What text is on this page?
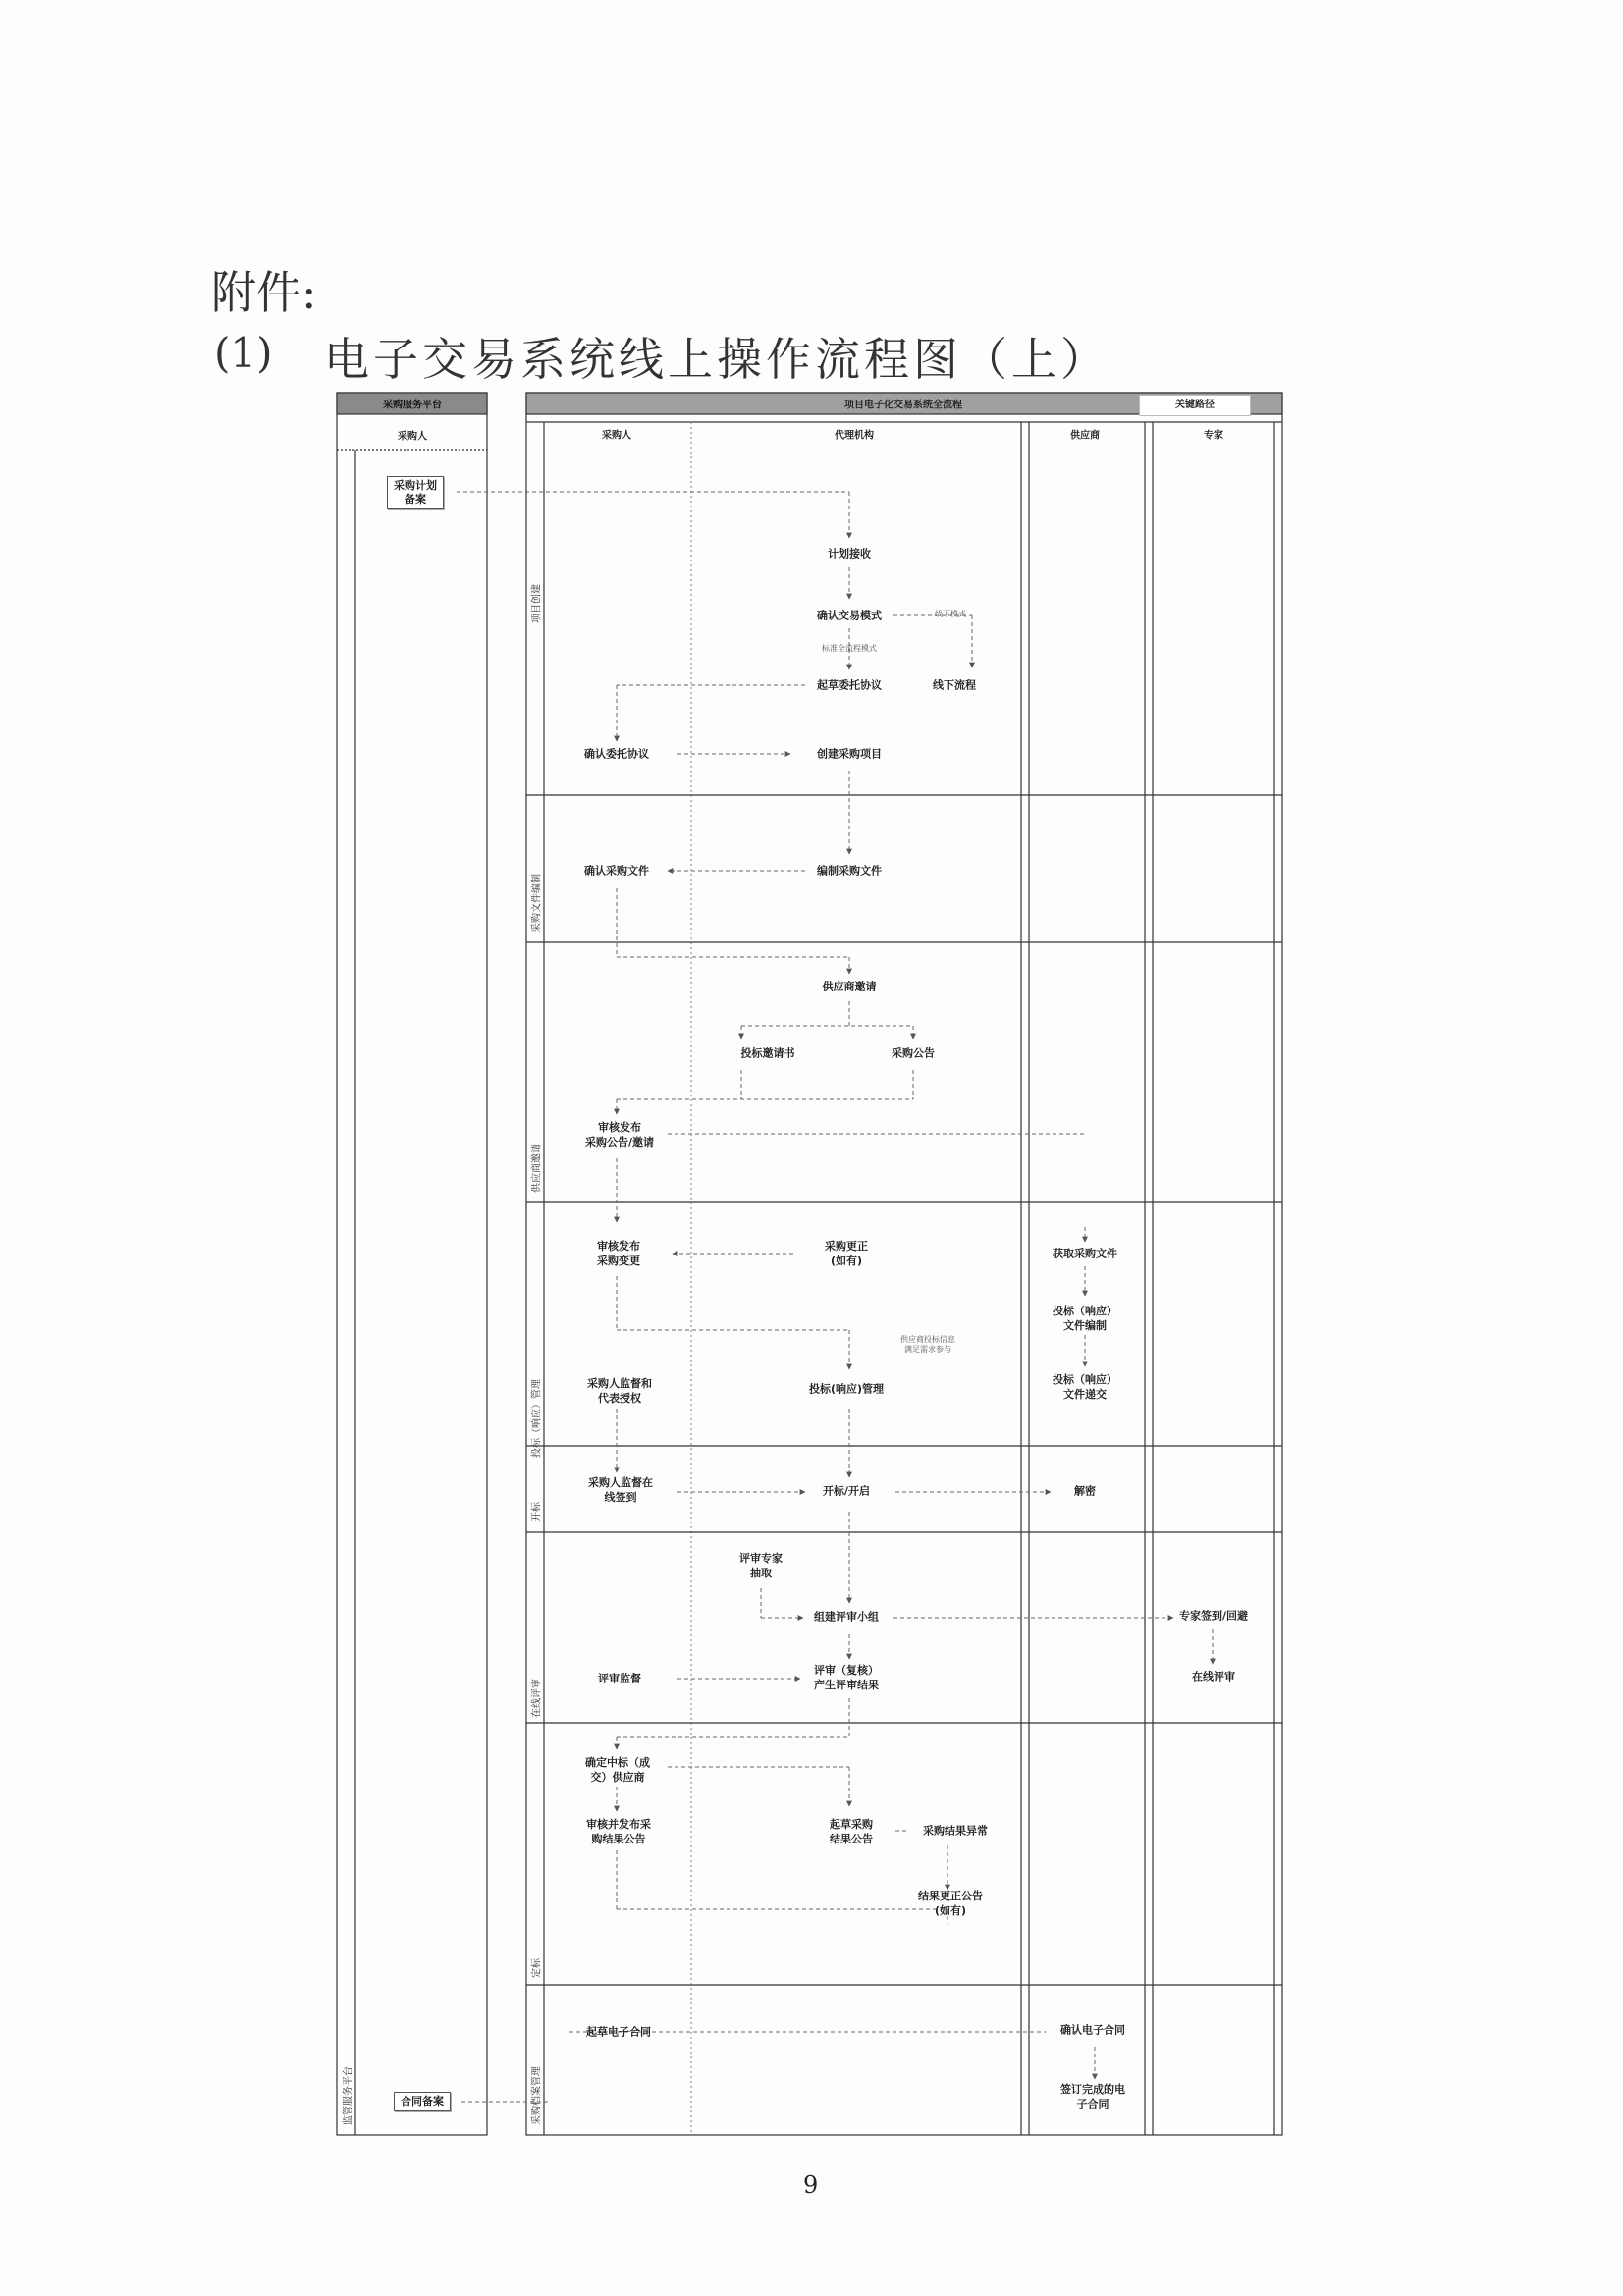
附件:
(1) 电子交易系统线上操作流程图（上）
采购服务平台
采购人
采购计划
备案
合同备案
监管服务平台
项目电子化交易系统全流程	关键路径
采购人	代理机构	供应商	专家
项目创建
采购文件编制
供应商邀请
投标（响应）管理
开标
在线评审
定标
采购档案管理
计划接收
确认交易模式	线下模式
标准全流程模式
起草委托协议	线下流程
确认委托协议	创建采购项目
确认采购文件	编制采购文件
供应商邀请
投标邀请书	采购公告
审核发布
采购公告/邀请
审核发布
采购变更
采购更正
(如有)
获取采购文件
投标（响应）
文件编制
供应商投标信息
满足需求参与
采购人监督和
代表授权
投标(响应)管理
投标（响应）
文件递交
采购人监督在
线签到	开标/开启	解密
评审专家
抽取
组建评审小组	专家签到/回避
评审监督
评审（复核）
产生评审结果
在线评审
确定中标（成
交）供应商
审核并发布采
购结果公告
起草采购
结果公告
采购结果异常
结果更正公告
(如有)
起草电子合同	确认电子合同
签订完成的电
子合同
9
